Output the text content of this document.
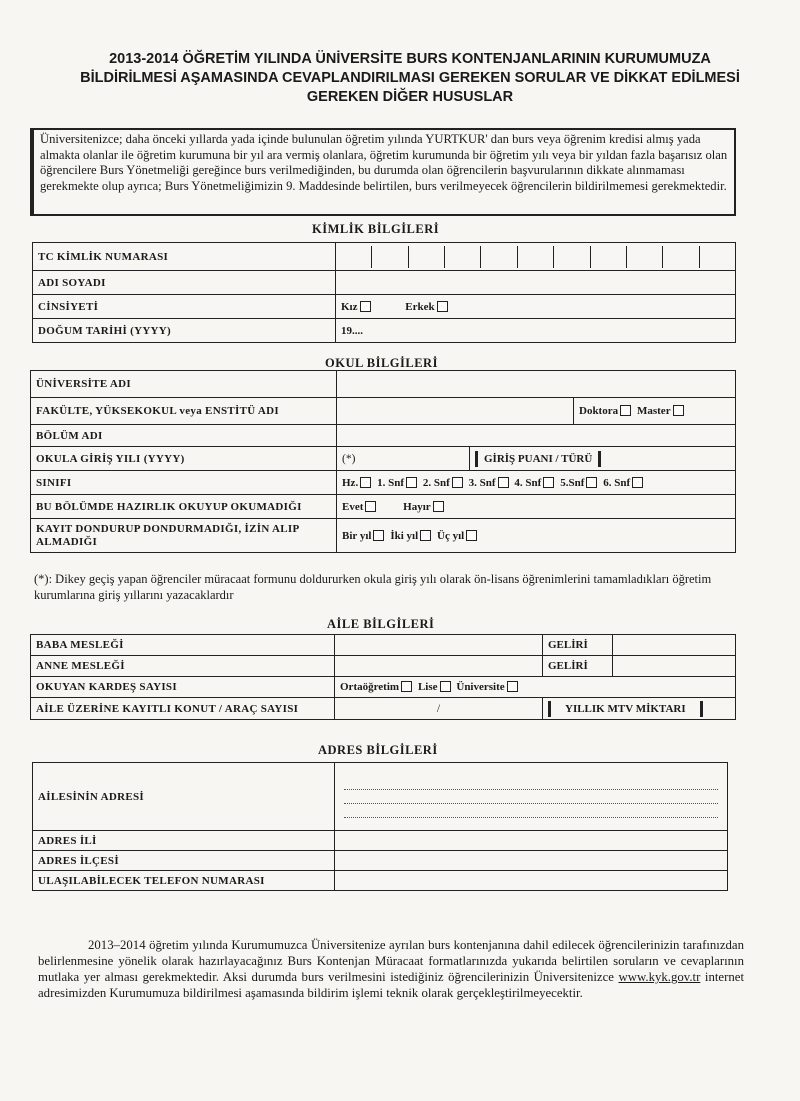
2013-2014 ÖĞRETİM YILINDA ÜNİVERSİTE BURS KONTENJANLARININ KURUMUMUZA
BİLDİRİLMESİ AŞAMASINDA CEVAPLANDIRILMASI GEREKEN SORULAR VE DİKKAT EDİLMESİ
GEREKEN DİĞER HUSUSLAR
Üniversitenizce; daha önceki yıllarda yada içinde bulunulan öğretim yılında YURTKUR' dan burs veya öğrenim kredisi almış yada almakta olanlar ile öğretim kurumuna bir yıl ara vermiş olanlara, öğretim kurumunda bir öğretim yılı veya bir yıldan fazla başarısız olan öğrencilere Burs Yönetmeliği gereğince burs verilmediğinden, bu durumda olan öğrencilerin başvurularının dikkate alınmaması gerekmekte olup ayrıca; Burs Yönetmeliğimizin 9. Maddesinde belirtilen, burs verilmeyecek öğrencilerin bildirilmemesi gerekmektedir.
KİMLİK BİLGİLERİ
TC KİMLİK NUMARASI	

ADI SOYADI	
CİNSİYETİ	Kız Erkek
DOĞUM TARİHİ (YYYY)	19....
OKUL BİLGİLERİ
ÜNİVERSİTE ADI			
FAKÜLTE, YÜKSEKOKUL veya ENSTİTÜ ADI			Doktora Master
BÖLÜM ADI			
OKULA GİRİŞ YILI (YYYY)	(*)	GİRİŞ PUANI / TÜRÜ	
SINIFI	Hz. 1. Snf 2. Snf 3. Snf 4. Snf 5.Snf 6. Snf		
BU BÖLÜMDE HAZIRLIK OKUYUP OKUMADIĞI	Evet Hayır		

KAYIT DONDURUP DONDURMADIĞI, İZİN ALIP
ALMADIĞI	Bir yıl İki yıl Üç yıl		
(*): Dikey geçiş yapan öğrenciler müracaat formunu doldururken okula giriş yılı olarak ön-lisans öğrenimlerini tamamladıkları öğretim kurumlarına giriş yıllarını yazacaklardır
AİLE BİLGİLERİ
BABA MESLEĞİ		GELİRİ	
ANNE MESLEĞİ		GELİRİ	
OKUYAN KARDEŞ SAYISI	Ortaöğretim Lise Üniversite		
AİLE ÜZERİNE KAYITLI KONUT / ARAÇ SAYISI	/	YILLIK MTV MİKTARI	
ADRES BİLGİLERİ
AİLESİNİN ADRESİ	

ADRES İLİ	
ADRES İLÇESİ	
ULAŞILABİLECEK TELEFON NUMARASI	
2013–2014 öğretim yılında Kurumumuzca Üniversitenize ayrılan burs kontenjanına dahil edilecek öğrencilerinizin tarafınızdan belirlenmesine yönelik olarak hazırlayacağınız Burs Kontenjan Müracaat formatlarınızda yukarıda belirtilen soruların ve cevaplarının mutlaka yer alması gerekmektedir. Aksi durumda burs verilmesini istediğiniz öğrencilerinizin Üniversitenizce www.kyk.gov.tr internet adresimizden Kurumumuza bildirilmesi aşamasında bildirim işlemi teknik olarak gerçekleştirilmeyecektir.
